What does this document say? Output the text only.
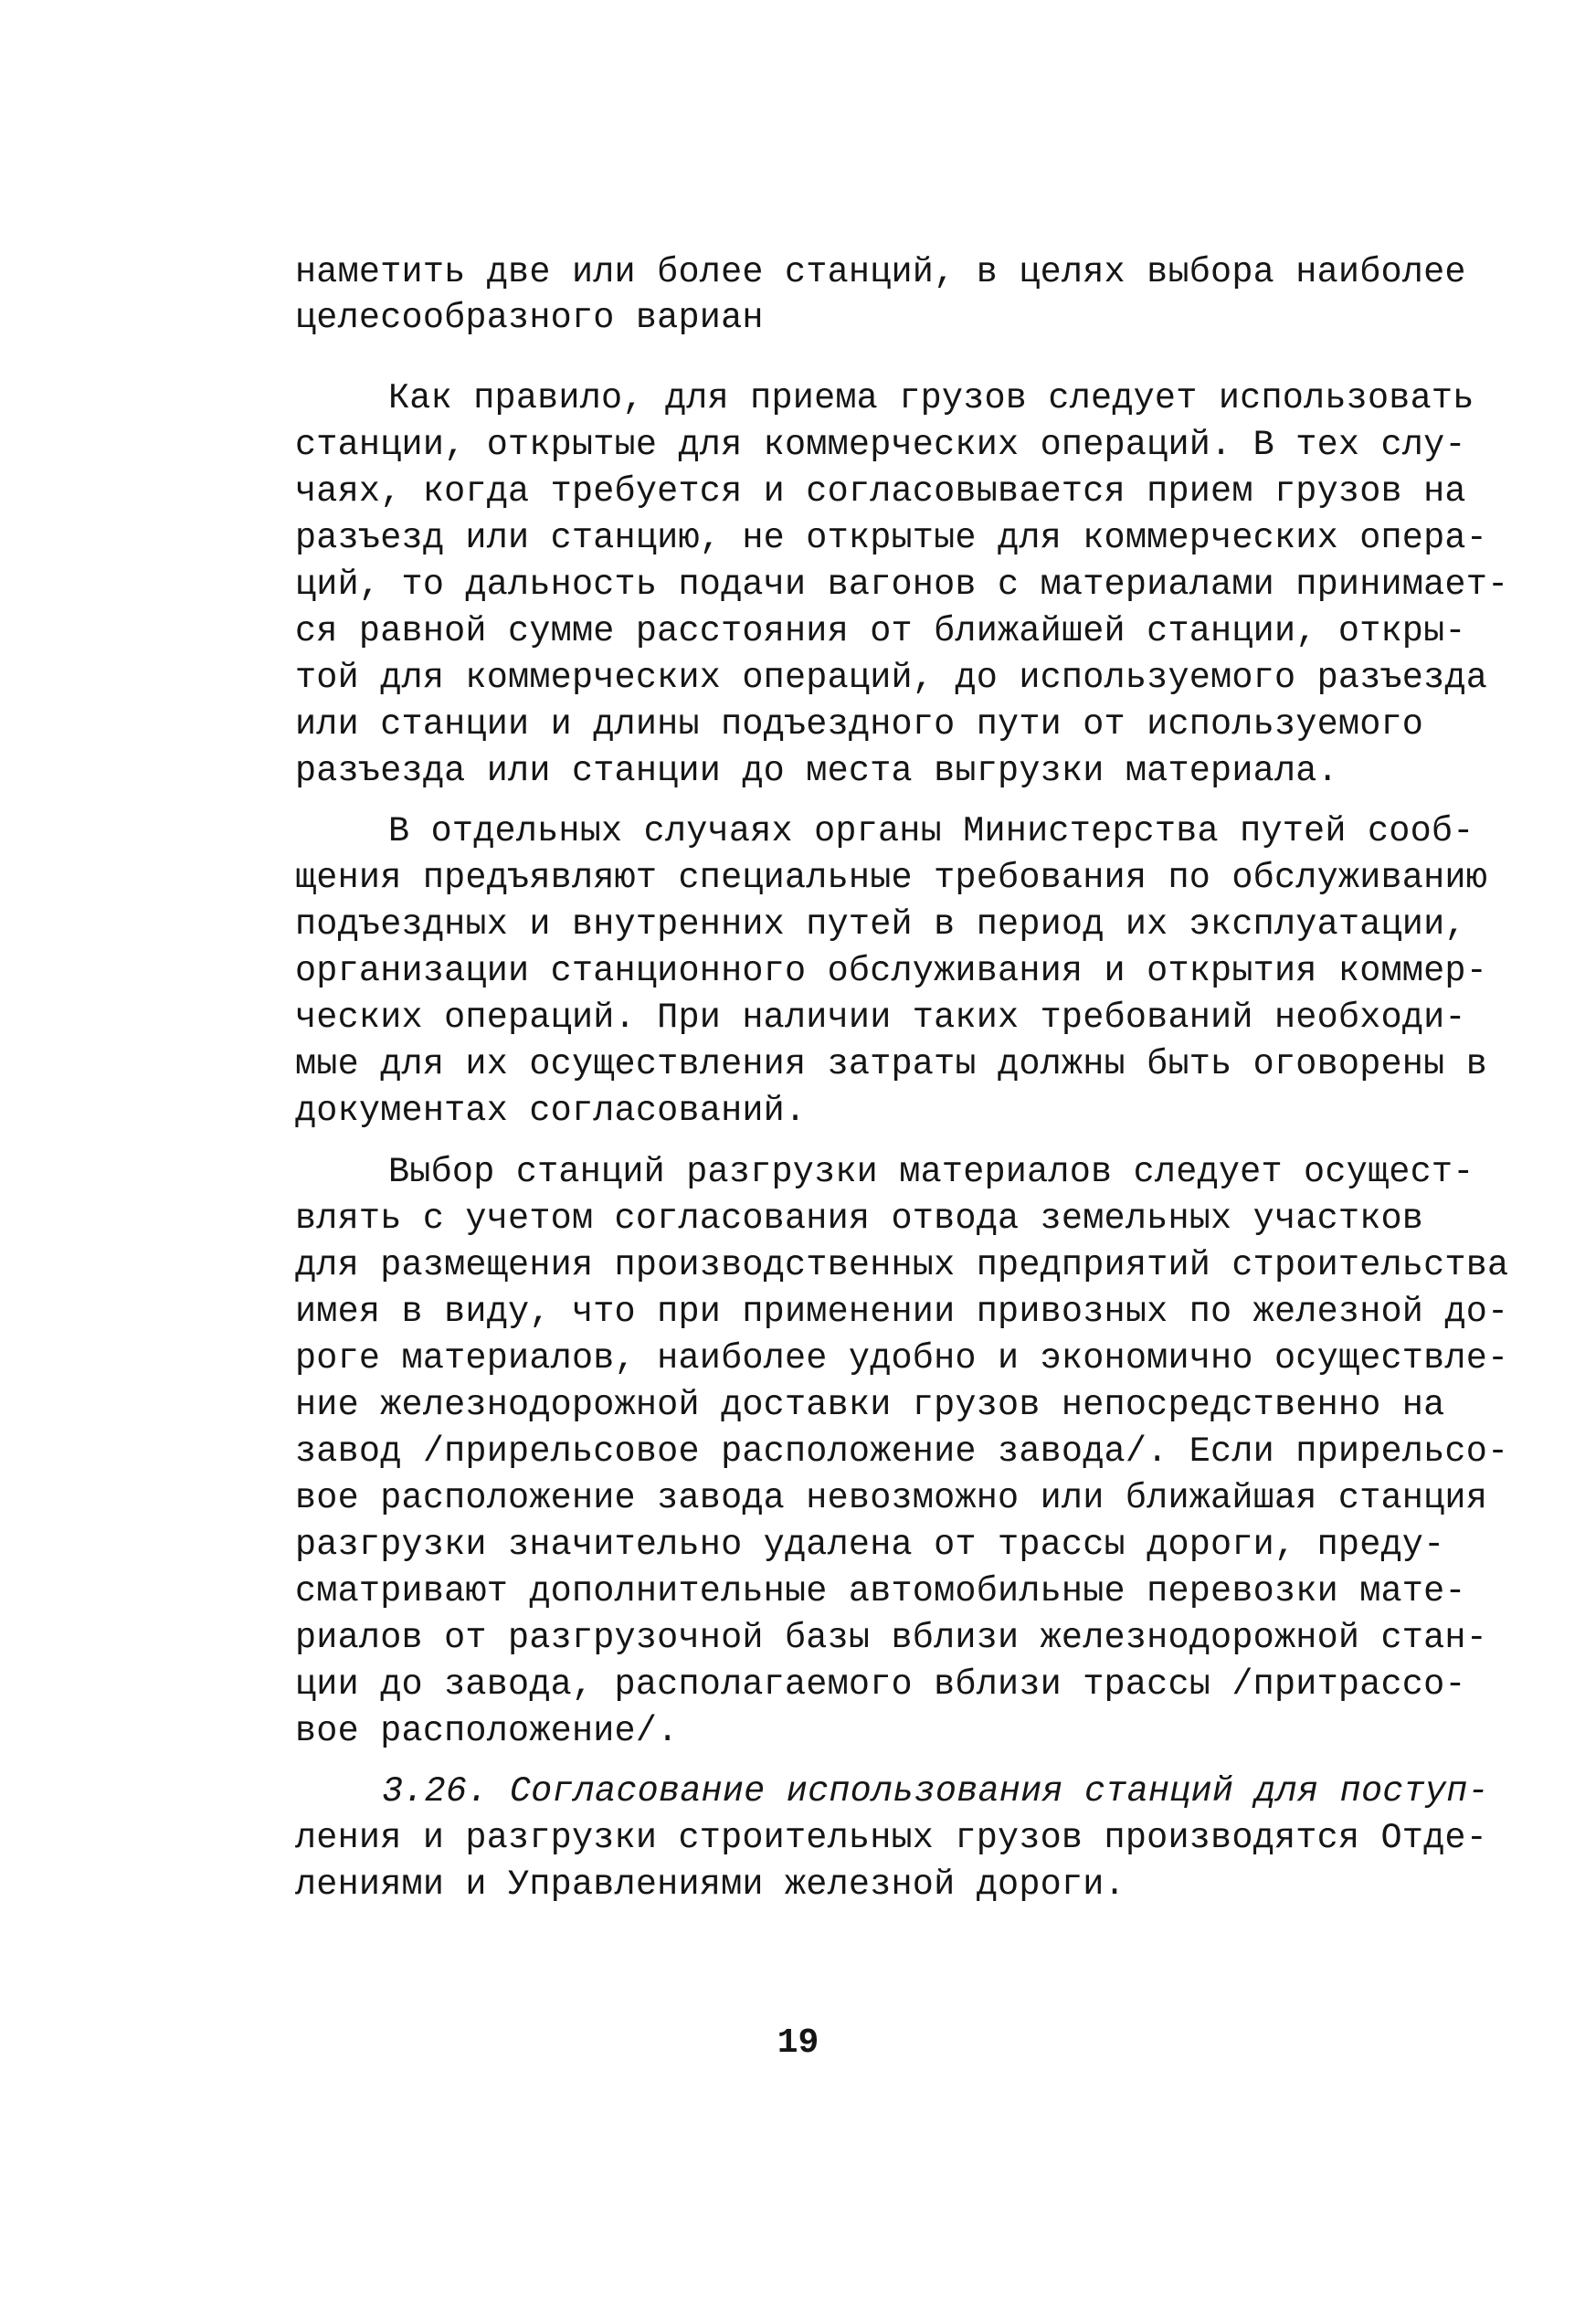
наметить две или более станций, в целях выбора наиболее
целесообразного вариан
Как правило, для приема грузов следует использовать
станции, открытые для коммерческих операций. В тех слу-
чаях, когда требуется и согласовывается прием грузов на
разъезд или станцию, не открытые для коммерческих опера-
ций, то дальность подачи вагонов с материалами принимает-
ся равной сумме расстояния от ближайшей станции, откры-
той для коммерческих операций, до используемого разъезда
или станции и длины подъездного пути от используемого
разъезда или станции до места выгрузки материала.
В отдельных случаях органы Министерства путей сооб-
щения предъявляют специальные требования по обслуживанию
подъездных и внутренних путей в период их эксплуатации,
организации станционного обслуживания и открытия коммер-
ческих операций. При наличии таких требований необходи-
мые для их осуществления затраты должны быть оговорены в
документах согласований.
Выбор станций разгрузки материалов следует осущест-
влять с учетом согласования отвода земельных участков
для размещения производственных предприятий строительства
имея в виду, что при применении привозных по железной до-
роге материалов, наиболее удобно и экономично осуществле-
ние железнодорожной доставки грузов непосредственно на
завод /прирельсовое расположение завода/. Если прирельсо-
вое расположение завода невозможно или ближайшая станция
разгрузки значительно удалена от трассы дороги, преду-
сматривают дополнительные автомобильные перевозки мате-
риалов от разгрузочной базы вблизи железнодорожной стан-
ции до завода, располагаемого вблизи трассы /притрассо-
вое расположение/.
3.26. Согласование использования станций для поступ-
ления и разгрузки строительных грузов производятся Отде-
лениями и Управлениями железной дороги.
19
